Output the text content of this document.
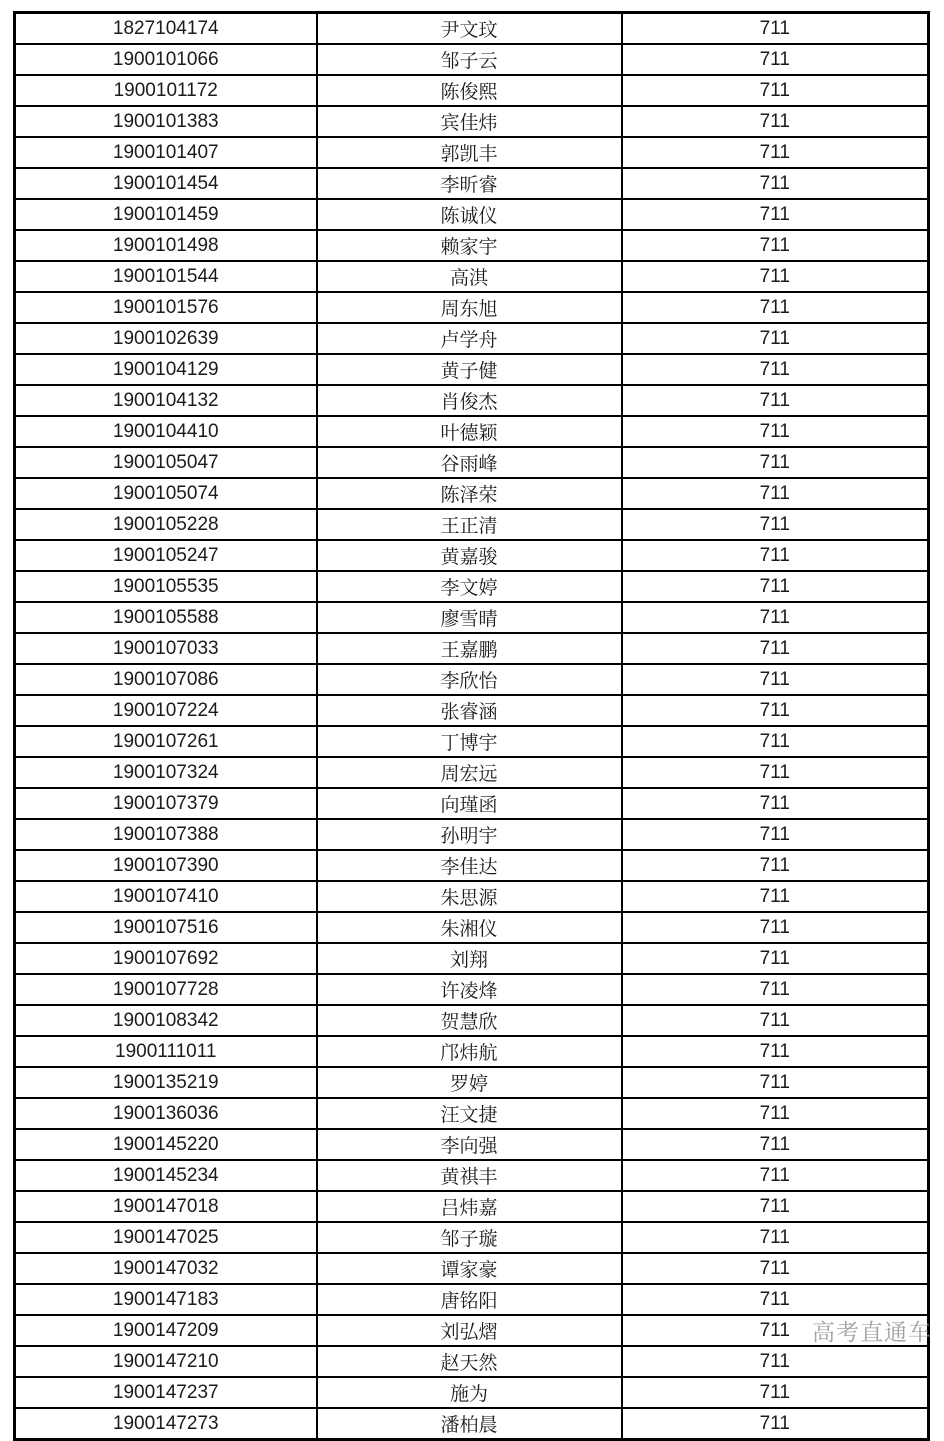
1827104174	尹文玟	711
1900101066	邹子云	711
1900101172	陈俊熙	711
1900101383	宾佳炜	711
1900101407	郭凯丰	711
1900101454	李昕睿	711
1900101459	陈诚仪	711
1900101498	赖家宇	711
1900101544	高淇	711
1900101576	周东旭	711
1900102639	卢学舟	711
1900104129	黄子健	711
1900104132	肖俊杰	711
1900104410	叶德颖	711
1900105047	谷雨峰	711
1900105074	陈泽荣	711
1900105228	王正清	711
1900105247	黄嘉骏	711
1900105535	李文婷	711
1900105588	廖雪晴	711
1900107033	王嘉鹏	711
1900107086	李欣怡	711
1900107224	张睿涵	711
1900107261	丁博宇	711
1900107324	周宏远	711
1900107379	向瑾函	711
1900107388	孙明宇	711
1900107390	李佳达	711
1900107410	朱思源	711
1900107516	朱湘仪	711
1900107692	刘翔	711
1900107728	许凌烽	711
1900108342	贺慧欣	711
1900111011	邝炜航	711
1900135219	罗婷	711
1900136036	汪文捷	711
1900145220	李向强	711
1900145234	黄祺丰	711
1900147018	吕炜嘉	711
1900147025	邹子璇	711
1900147032	谭家豪	711
1900147183	唐铭阳	711
1900147209	刘弘熠	711
1900147210	赵天然	711
1900147237	施为	711
1900147273	潘柏晨	711
高考直通车
